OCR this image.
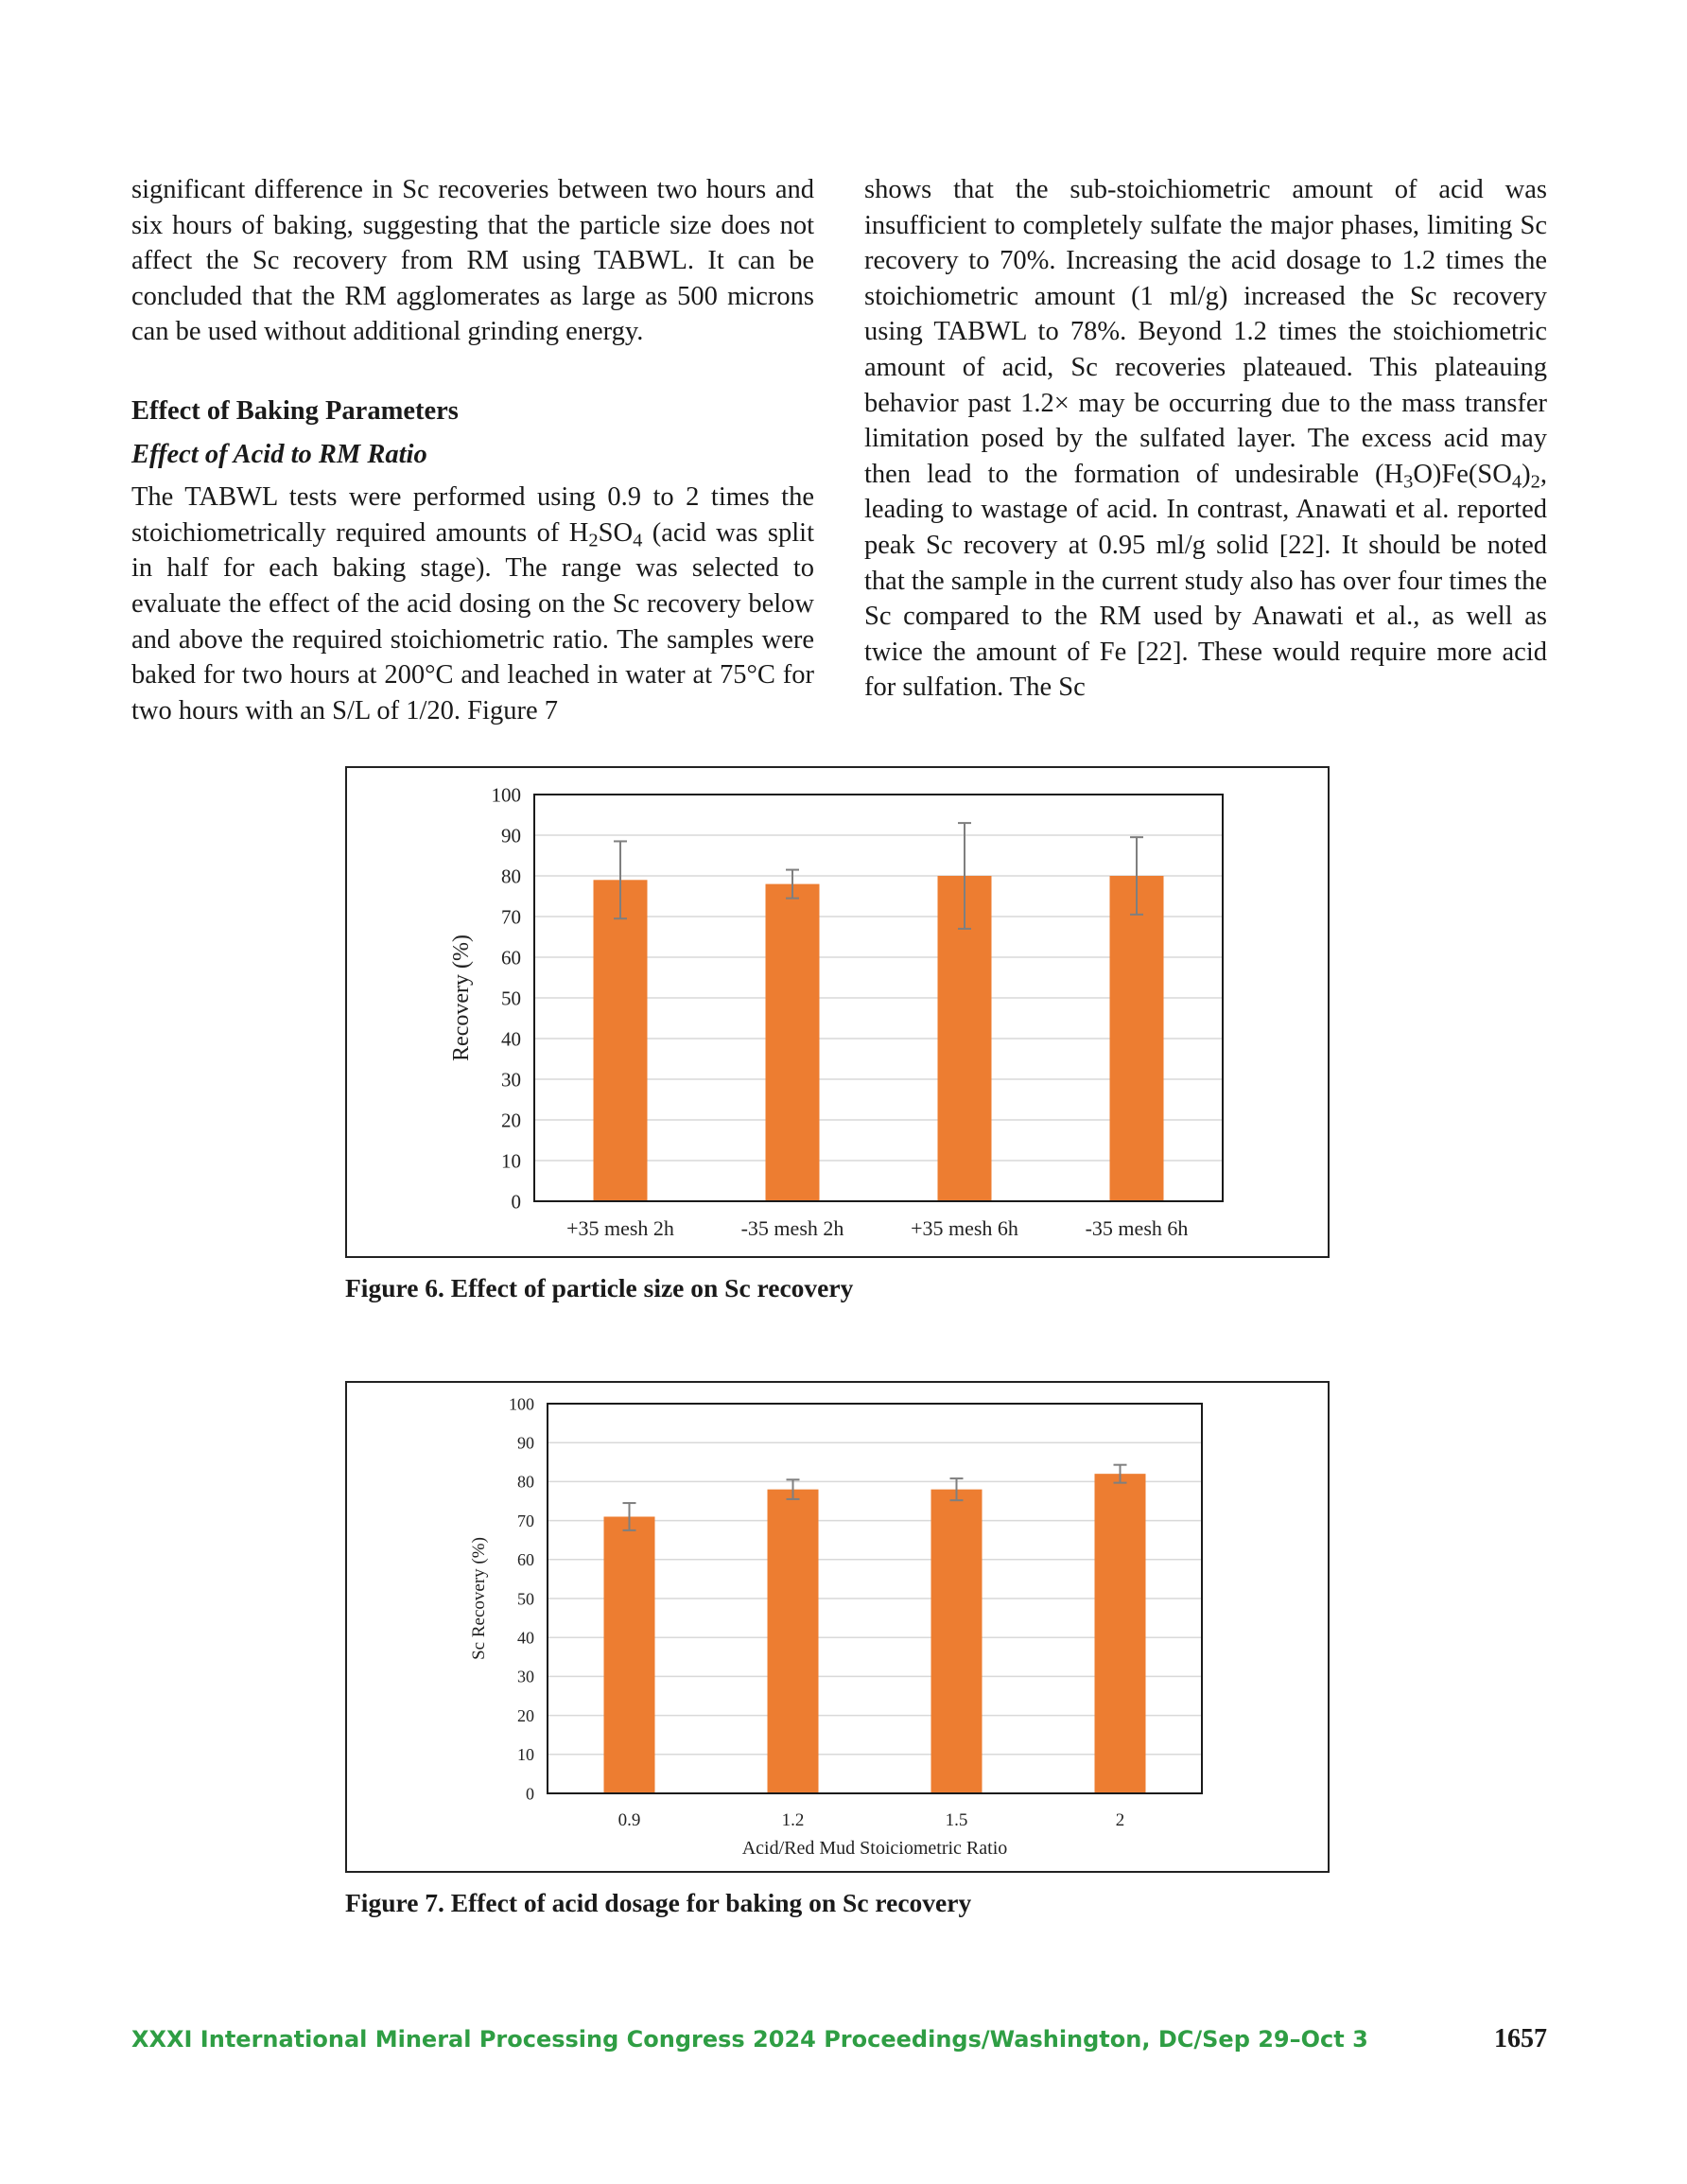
significant difference in Sc recoveries between two hours and six hours of baking, suggesting that the particle size does not affect the Sc recovery from RM using TABWL. It can be concluded that the RM agglomerates as large as 500 microns can be used without additional grinding energy.

Effect of Baking Parameters

Effect of Acid to RM Ratio

The TABWL tests were performed using 0.9 to 2 times the stoichiometrically required amounts of $H_2SO_4$ (acid was split in half for each baking stage). The range was selected to evaluate the effect of the acid dosing on the Sc recovery below and above the required stoichiometric ratio. The samples were baked for two hours at 200°C and leached in water at 75°C for two hours with an S/L of 1/20. Figure 7

shows that the sub-stoichiometric amount of acid was insufficient to completely sulfate the major phases, limiting Sc recovery to 70%. Increasing the acid dosage to 1.2 times the stoichiometric amount (1 ml/g) increased the Sc recovery using TABWL to 78%. Beyond 1.2 times the stoichiometric amount of acid, Sc recoveries plateaued. This plateauing behavior past 1.2× may be occurring due to the mass transfer limitation posed by the sulfated layer. The excess acid may then lead to the formation of undesirable $(H_3O)Fe(SO_4)_2$, leading to wastage of acid. In contrast, Anawati et al. reported peak Sc recovery at 0.95 ml/g solid [22]. It should be noted that the sample in the current study also has over four times the Sc compared to the RM used by Anawati et al., as well as twice the amount of Fe [22]. These would require more acid for sulfation. The Sc

0
10
20
30
40
50
60
70
80
90
100
+35 mesh 2h	-35 mesh 2h	+35 mesh 6h	-35 mesh 6h
Recovery (%)
Figure 6. Effect of particle size on Sc recovery
0
10
20
30
40
50
60
70
80
90
100
0.9	1.2	1.5	2
Sc Recovery (%)
Acid/Red Mud Stoiciometric Ratio
Figure 7. Effect of acid dosage for baking on Sc recovery
XXXI International Mineral Processing Congress 2024 Proceedings/Washington, DC/Sep 29–Oct 3	1657
